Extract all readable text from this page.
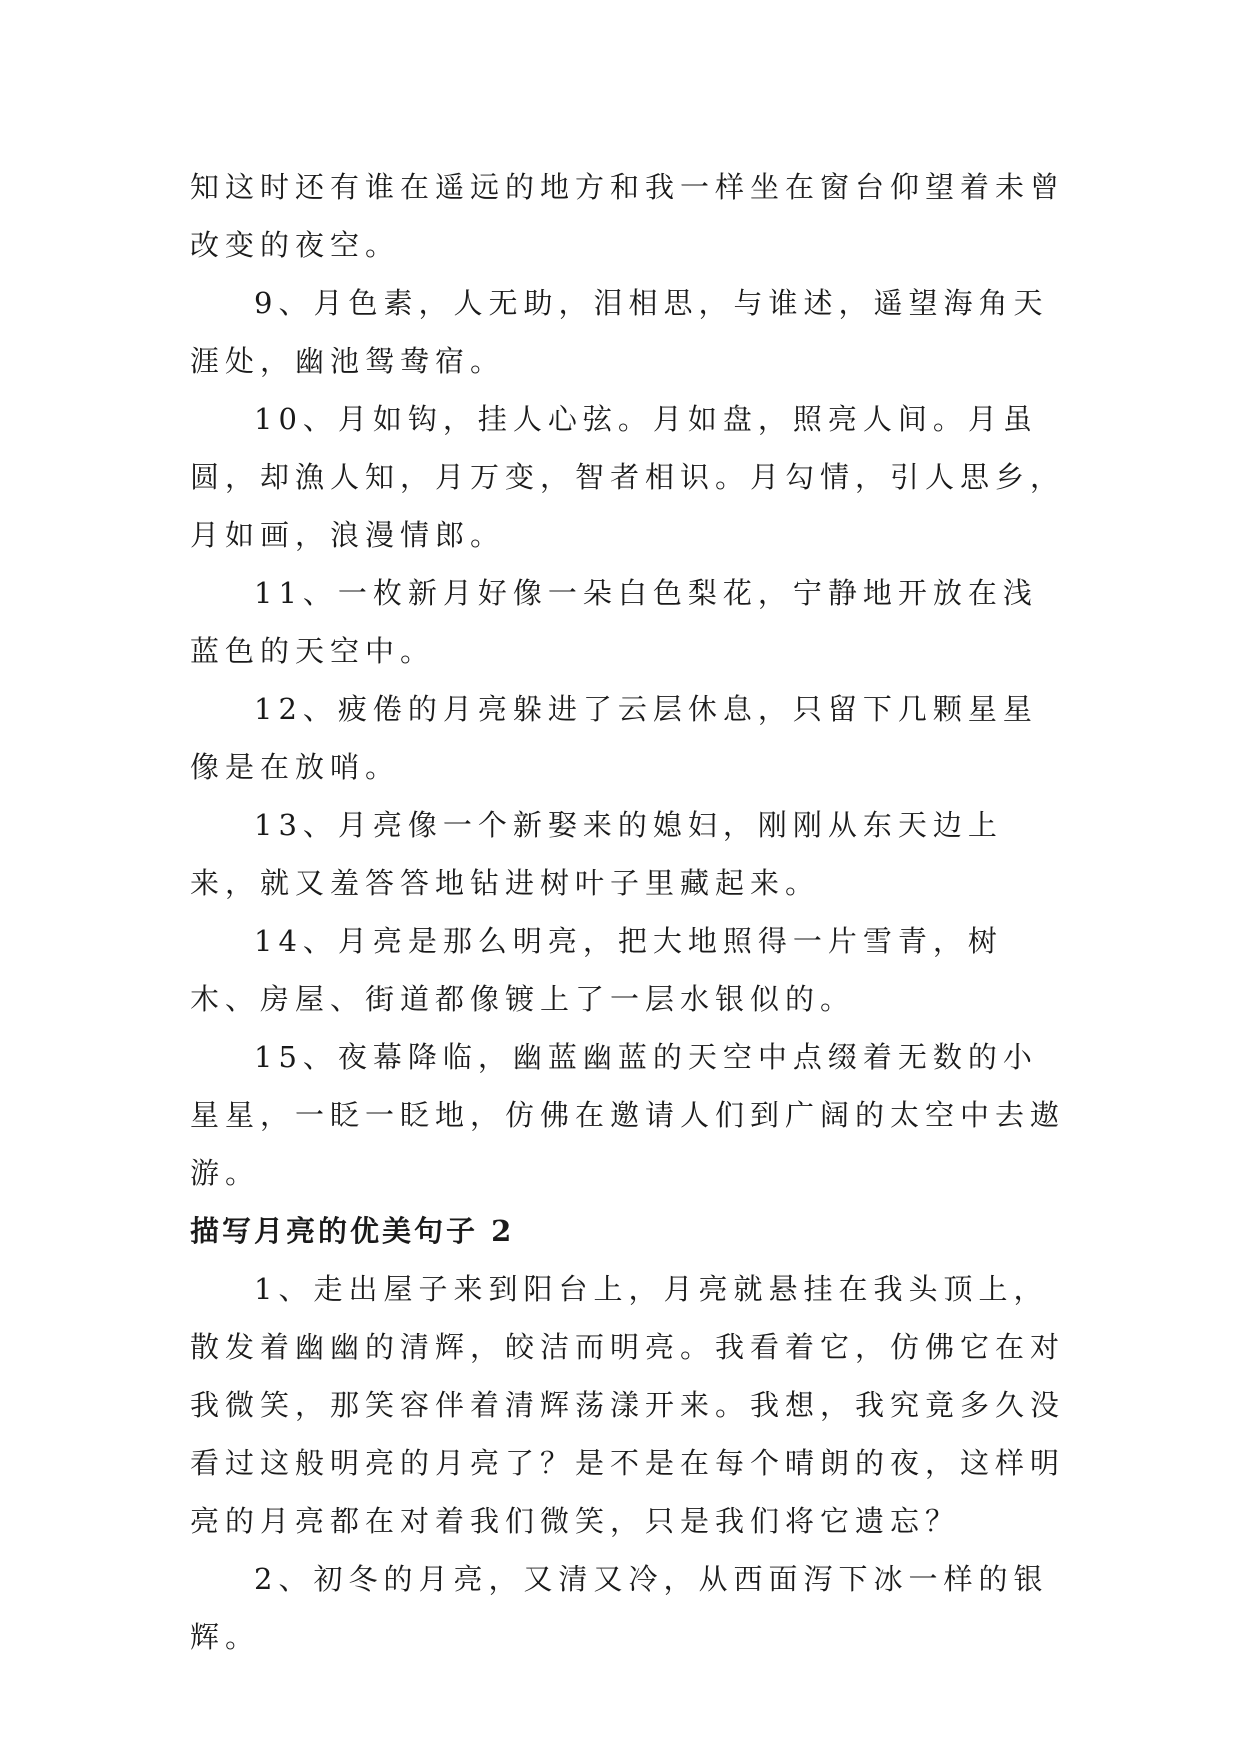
知这时还有谁在遥远的地方和我一样坐在窗台仰望着未曾改变的夜空。

9、月色素，人无助，泪相思，与谁述，遥望海角天涯处，幽池鸳鸯宿。

10、月如钩，挂人心弦。月如盘，照亮人间。月虽圆，却漁人知，月万变，智者相识。月勾情，引人思乡，月如画，浪漫情郎。

11、一枚新月好像一朵白色梨花，宁静地开放在浅蓝色的天空中。

12、疲倦的月亮躲进了云层休息，只留下几颗星星像是在放哨。

13、月亮像一个新娶来的媳妇，刚刚从东天边上来，就又羞答答地钻进树叶子里藏起来。

14、月亮是那么明亮，把大地照得一片雪青，树木、房屋、街道都像镀上了一层水银似的。

15、夜幕降临，幽蓝幽蓝的天空中点缀着无数的小星星，一眨一眨地，仿佛在邀请人们到广阔的太空中去遨游。

描写月亮的优美句子 2

1、走出屋子来到阳台上，月亮就悬挂在我头顶上，散发着幽幽的清辉，皎洁而明亮。我看着它，仿佛它在对我微笑，那笑容伴着清辉荡漾开来。我想，我究竟多久没看过这般明亮的月亮了？是不是在每个晴朗的夜，这样明亮的月亮都在对着我们微笑，只是我们将它遗忘？

2、初冬的月亮，又清又冷，从西面泻下冰一样的银辉。
